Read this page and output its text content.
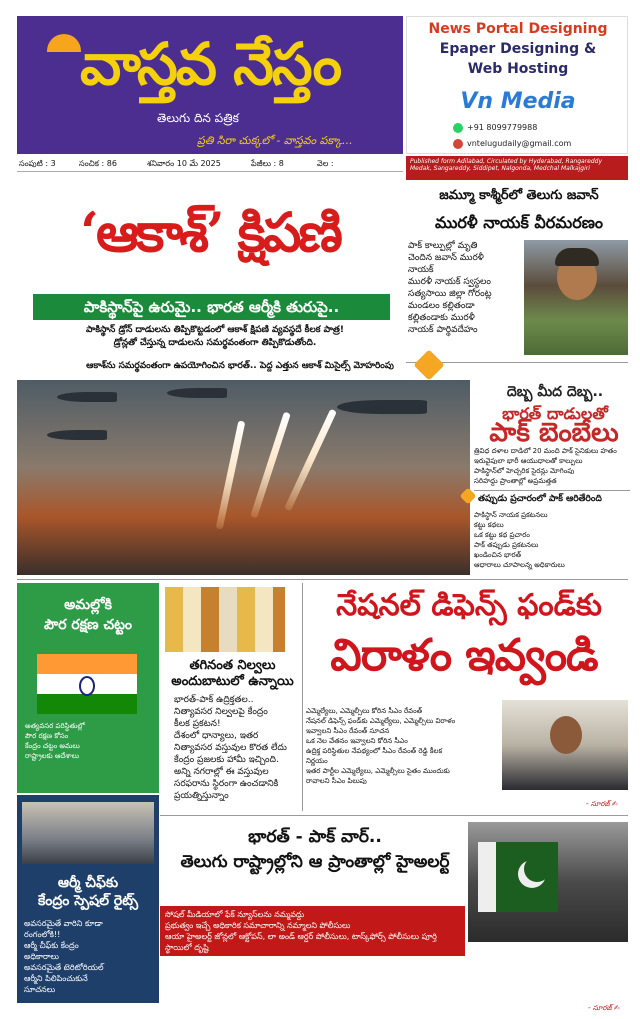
వాస్తవ నేస్తం
తెలుగు దిన పత్రిక
ప్రతి సిరా చుక్కలో - వాస్తవం పక్కా...
News Portal Designing
Epaper Designing &
Web Hosting
Vn Media
+91 8099779988
vntelugudaily@gmail.com
సంపుటి : 3	సంచిక : 86	శనివారం 10 మే 2025	పేజీలు : 8	వెల :	Published form Adilabad, Circulated by Hyderabad, Rangareddy Medak, Sangareddy, Siddipet, Nalgonda, Medchal Malkajgiri
‘ఆకాశ్’ క్షిపణి
పాకిస్థాన్‌పై ఉరుమై.. భారత ఆర్మీకి తురుపై..
పాకిస్థాన్ డ్రోన్ దాడులను తిప్పికొట్టడంలో ఆకాశ్ క్షిపణి వ్యవస్థదే కీలక పాత్ర!
డ్రోన్లతో చేస్తున్న దాడులను సమర్థవంతంగా తిప్పికొడుతోంది.
ఆకాశ్‌ను సమర్థవంతంగా ఉపయోగించిన భారత్.. పెద్ద ఎత్తున ఆకాశ్ మిసైల్స్ మోహరింపు
జమ్మూ కాశ్మీర్‌లో తెలుగు జవాన్
మురళీ నాయక్ వీరమరణం
పాక్ కాల్పుల్లో మృతి
చెందిన జవాన్ మురళీ
నాయక్
మురళీ నాయక్ స్వస్థలం
సత్యసాయి జిల్లా గోరంట్ల
మండలం కల్లితండా
కల్లితండాకు మురళీ
నాయక్ పార్థివదేహం
దెబ్బ మీద దెబ్బ..
భారత్ దాడులతో
పాక్ బెంబేలు
త్రివిధ దళాల దాడిలో 20 మంది పాక్ సైనికులు హతం
ఇరువైపులా భారీ ఆయుధాలతో కాల్పులు
పాకిస్థాన్‌లో హెచ్చరిక సైరన్లు మోగింపు
సరిహద్దు ప్రాంతాల్లో అప్రమత్తత
తప్పుడు ప్రచారంలో పాక్ ఆరితేరింది
పాకిస్థాన్ నాయక ప్రకటనలు
కట్టు కథలు
ఒక కట్టు కథ ప్రచారం
పాక్ తప్పుడు ప్రకటనలు
ఖండించిన భారత్
ఆధారాలు చూపాలన్న అధికారులు
అమల్లోకి
పౌర రక్షణ చట్టం
అత్యవసర పరిస్థితుల్లో
పౌర రక్షణ కోసం
కేంద్రం చట్టం అమలు
రాష్ట్రాలకు ఆదేశాలు
ఆర్మీ చీఫ్‌కు
కేంద్రం స్పెషల్ రైట్స్
అవసరమైతే వారిని కూడా
రంగంలోకి!!
ఆర్మీ చీఫ్‌కు కేంద్రం
అధికారాలు
అవసరమైతే టెరిటోరియల్
ఆర్మీని పిలిపించుకునే
సూచనలు
తగినంత నిల్వలు
అందుబాటులో ఉన్నాయి
భారత్-పాక్ ఉద్రిక్తతల..
నిత్యావసర నిల్వలపై కేంద్రం
కీలక ప్రకటన!
దేశంలో ధాన్యాలు, ఇతర
నిత్యావసర వస్తువుల కొరత లేదు
కేంద్రం ప్రజలకు హామీ ఇచ్చింది.
అన్ని నగరాల్లో ఈ వస్తువుల
సరఫరాను స్థిరంగా ఉంచడానికి
ప్రయత్నిస్తున్నాం
నేషనల్ డిఫెన్స్ ఫండ్‌కు
విరాళం ఇవ్వండి
ఎమ్మెల్యేలు, ఎమ్మెల్సీలు కోరిన సీఎం రేవంత్
నేషనల్ డిఫెన్స్ ఫండ్‌కు ఎమ్మెల్యేలు, ఎమ్మెల్సీలు విరాళం
ఇవ్వాలని సీఎం రేవంత్ సూచన
ఒక నెల వేతనం ఇవ్వాలని కోరిన సీఎం
ఉద్రిక్త పరిస్థితుల నేపథ్యంలో సీఎం రేవంత్ రెడ్డి కీలక
నిర్ణయం
ఇతర పార్టీల ఎమ్మెల్యేలు, ఎమ్మెల్సీలు సైతం ముందుకు
రావాలని సీఎం పిలుపు
- సూరజ్ ✍
భారత్ - పాక్ వార్..
తెలుగు రాష్ట్రాల్లోని ఆ ప్రాంతాల్లో హైఅలర్ట్
సోషల్ మీడియాలో ఫేక్ న్యూస్‌లను నమ్మవద్దు
ప్రభుత్వం ఇచ్చే అధికారిక సమాచారాన్ని నమ్మాలని పోలీసులు
ఆయా హైఅలర్ట్ జోన్లలో ఆక్టోపస్, లా అండ్ ఆర్డర్ పోలీసులు, టాస్క్‌ఫోర్స్ పోలీసులు పూర్తి స్థాయిలో దృష్టి
- సూరజ్ ✍
